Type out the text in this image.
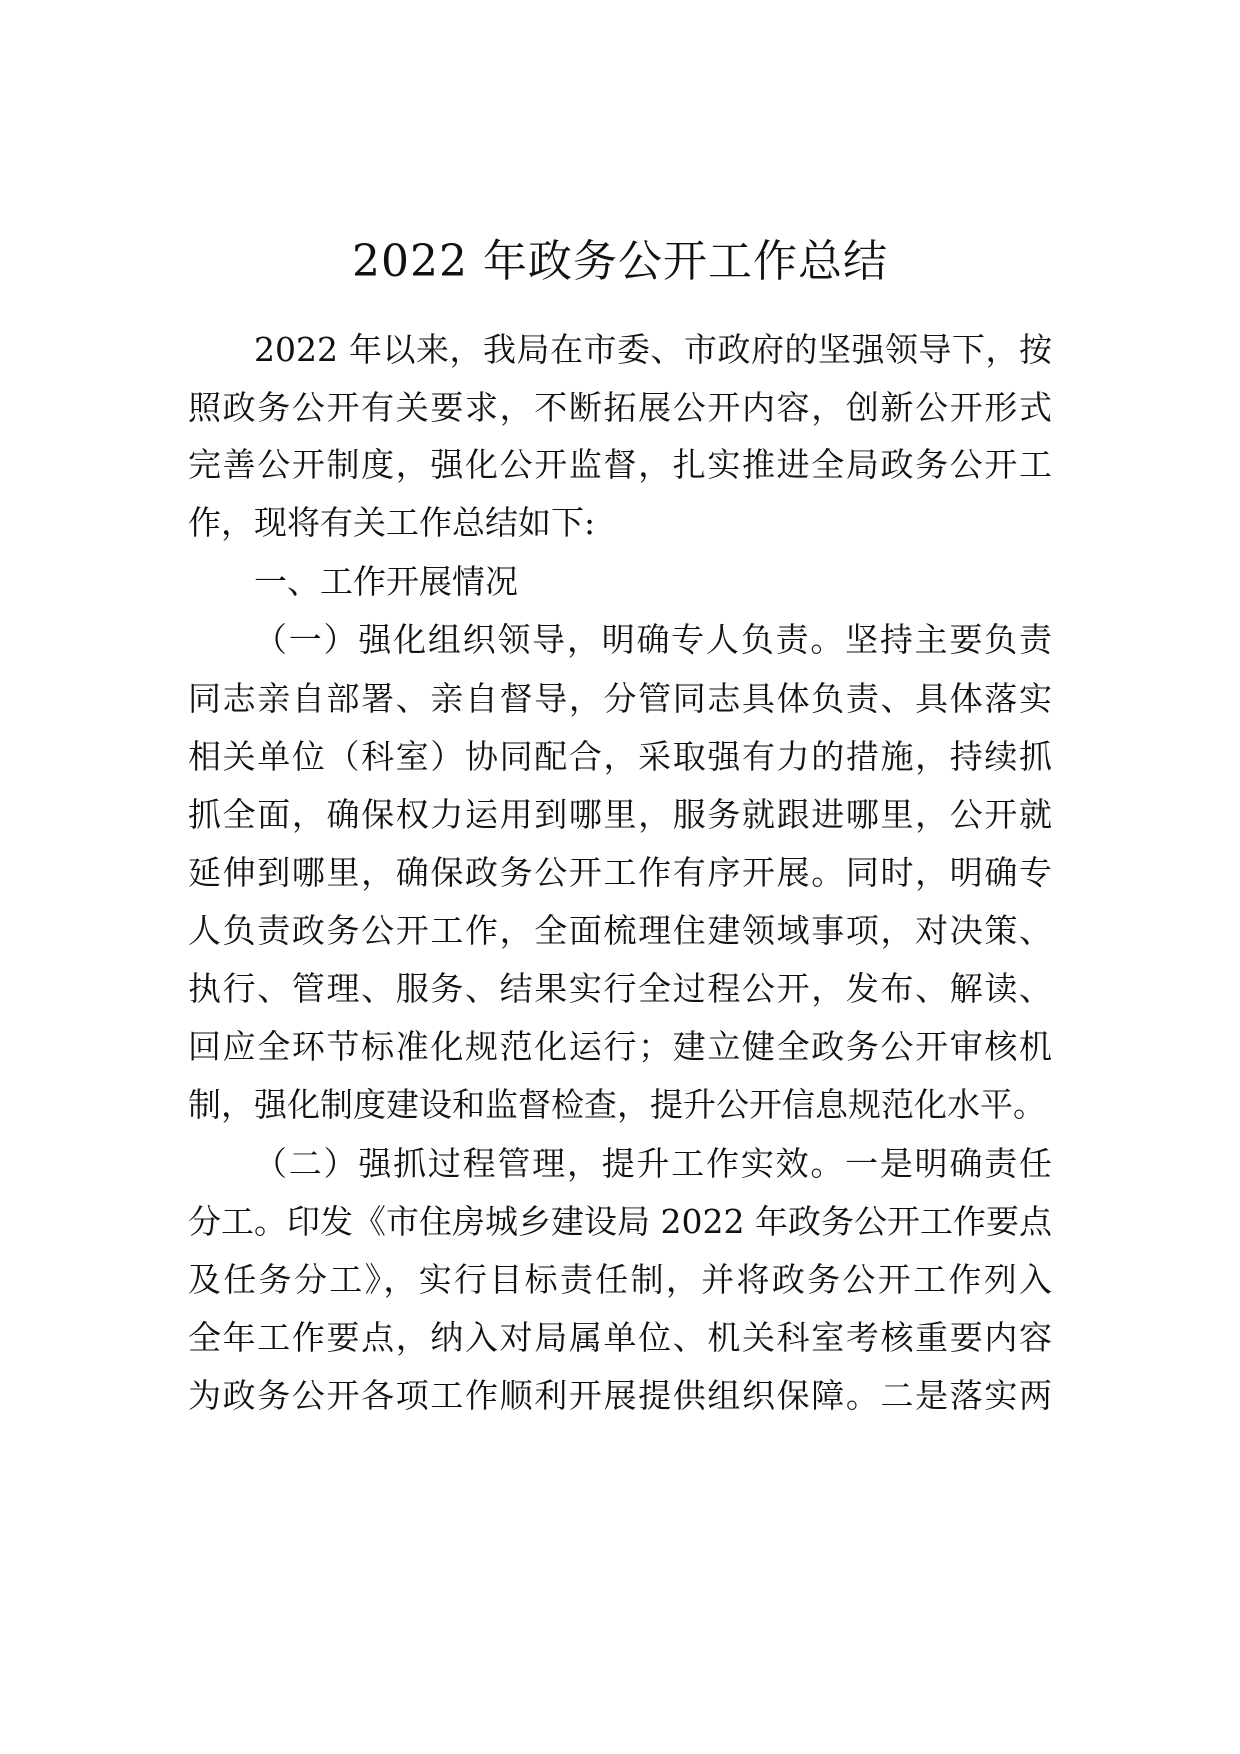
2022 年政务公开工作总结

2022 年以来，我局在市委、市政府的坚强领导下，按

照政务公开有关要求，不断拓展公开内容，创新公开形式

完善公开制度，强化公开监督，扎实推进全局政务公开工

作，现将有关工作总结如下:

一、工作开展情况

（一）强化组织领导，明确专人负责。坚持主要负责

同志亲自部署、亲自督导，分管同志具体负责、具体落实

相关单位（科室）协同配合，采取强有力的措施，持续抓

抓全面，确保权力运用到哪里，服务就跟进哪里，公开就

延伸到哪里，确保政务公开工作有序开展。同时，明确专

人负责政务公开工作，全面梳理住建领域事项，对决策、

执行、管理、服务、结果实行全过程公开，发布、解读、

回应全环节标准化规范化运行；建立健全政务公开审核机

制，强化制度建设和监督检查，提升公开信息规范化水平。

（二）强抓过程管理，提升工作实效。一是明确责任

分工。印发《市住房城乡建设局 2022 年政务公开工作要点

及任务分工》，实行目标责任制，并将政务公开工作列入

全年工作要点，纳入对局属单位、机关科室考核重要内容

为政务公开各项工作顺利开展提供组织保障。二是落实两
